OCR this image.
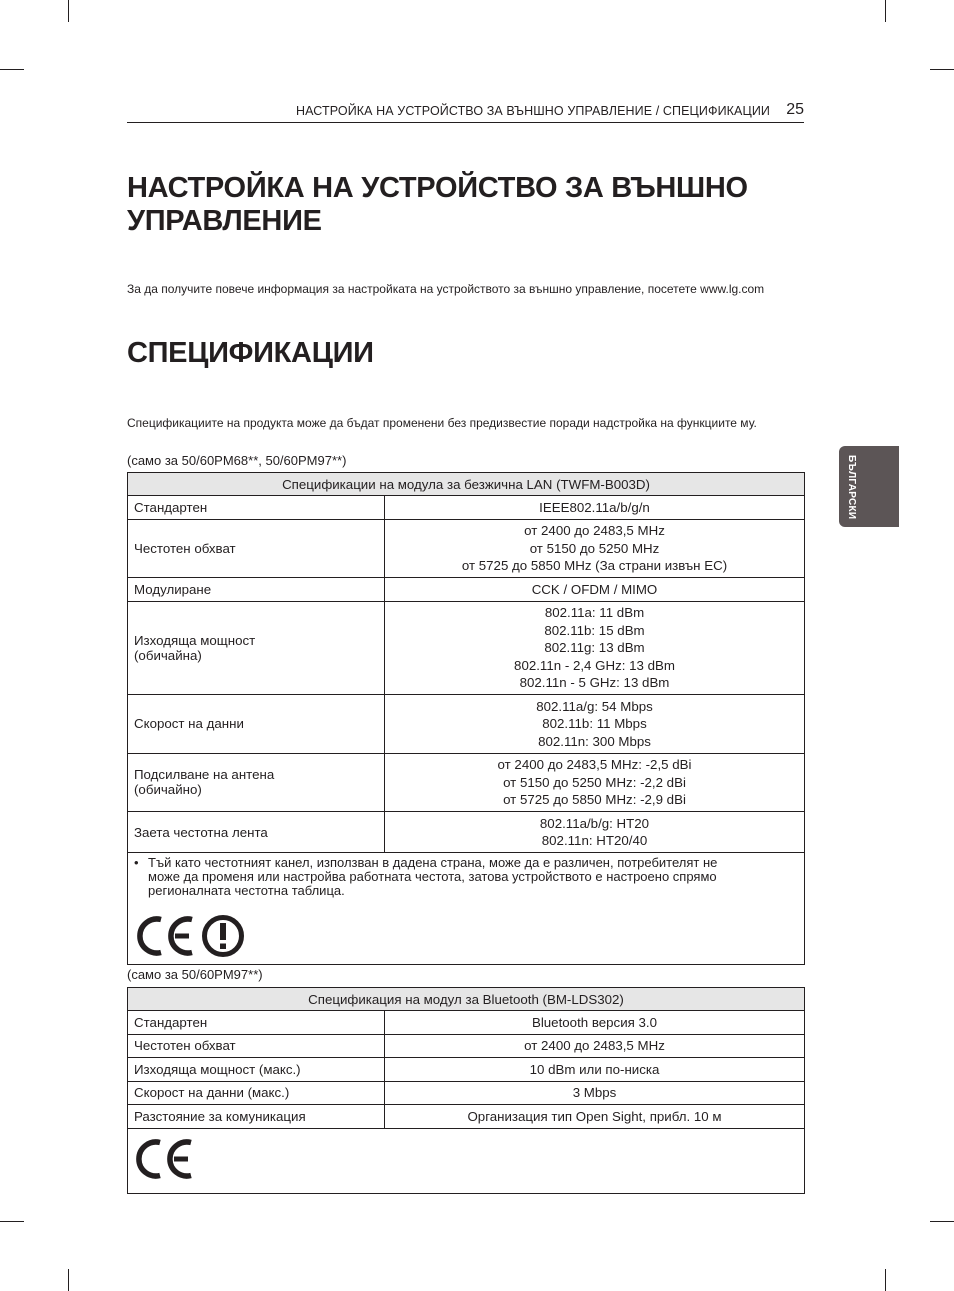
НАСТРОЙКА НА УСТРОЙСТВО ЗА ВЪНШНО УПРАВЛЕНИЕ / СПЕЦИФИКАЦИИ 25
БЪЛГАРСКИ
НАСТРОЙКА НА УСТРОЙСТВО ЗА ВЪНШНО
УПРАВЛЕНИЕ

За да получите повече информация за настройката на устройството за външно управление, посетете www.lg.com

СПЕЦИФИКАЦИИ

Спецификациите на продукта може да бъдат променени без предизвестие поради надстройка на функциите му.

(само за 50/60PM68**, 50/60PM97**)

Спецификации на модула за безжична LAN (TWFM-B003D)	

Стандартен	IEEE802.11a/b/g/n

Честотен обхват	от 2400 до 2483,5 MHz
от 5150 до 5250 MHz
от 5725 до 5850 MHz (За страни извън ЕС)

Модулиране	CCK / OFDM / MIMO

Изходяща мощност
(обичайна)	802.11a: 11 dBm
802.11b: 15 dBm
802.11g: 13 dBm
802.11n - 2,4 GHz: 13 dBm
802.11n - 5 GHz: 13 dBm

Скорост на данни	802.11a/g: 54 Mbps
802.11b: 11 Mbps
802.11n: 300 Mbps

Подсилване на антена
(обичайно)	от 2400 до 2483,5 MHz: -2,5 dBi
от 5150 до 5250 MHz: -2,2 dBi
от 5725 до 5850 MHz: -2,9 dBi

Заета честотна лента	802.11a/b/g: HT20
802.11n: HT20/40

• Тъй като честотният канел, използван в дадена страна, може да е различен, потребителят не
може да променя или настройва работната честота, затова устройството е настроено спрямо
регионалната честотна таблица.	

(само за 50/60PM97**)

Спецификация на модул за Bluetooth (BM-LDS302)	

Стандартен	Bluetooth версия 3.0

Честотен обхват	от 2400 до 2483,5 MHz

Изходяща мощност (макс.)	10 dBm или по-ниска

Скорост на данни (макс.)	3 Mbps

Разстояние за комуникация	Организация тип Open Sight, прибл. 10 м
